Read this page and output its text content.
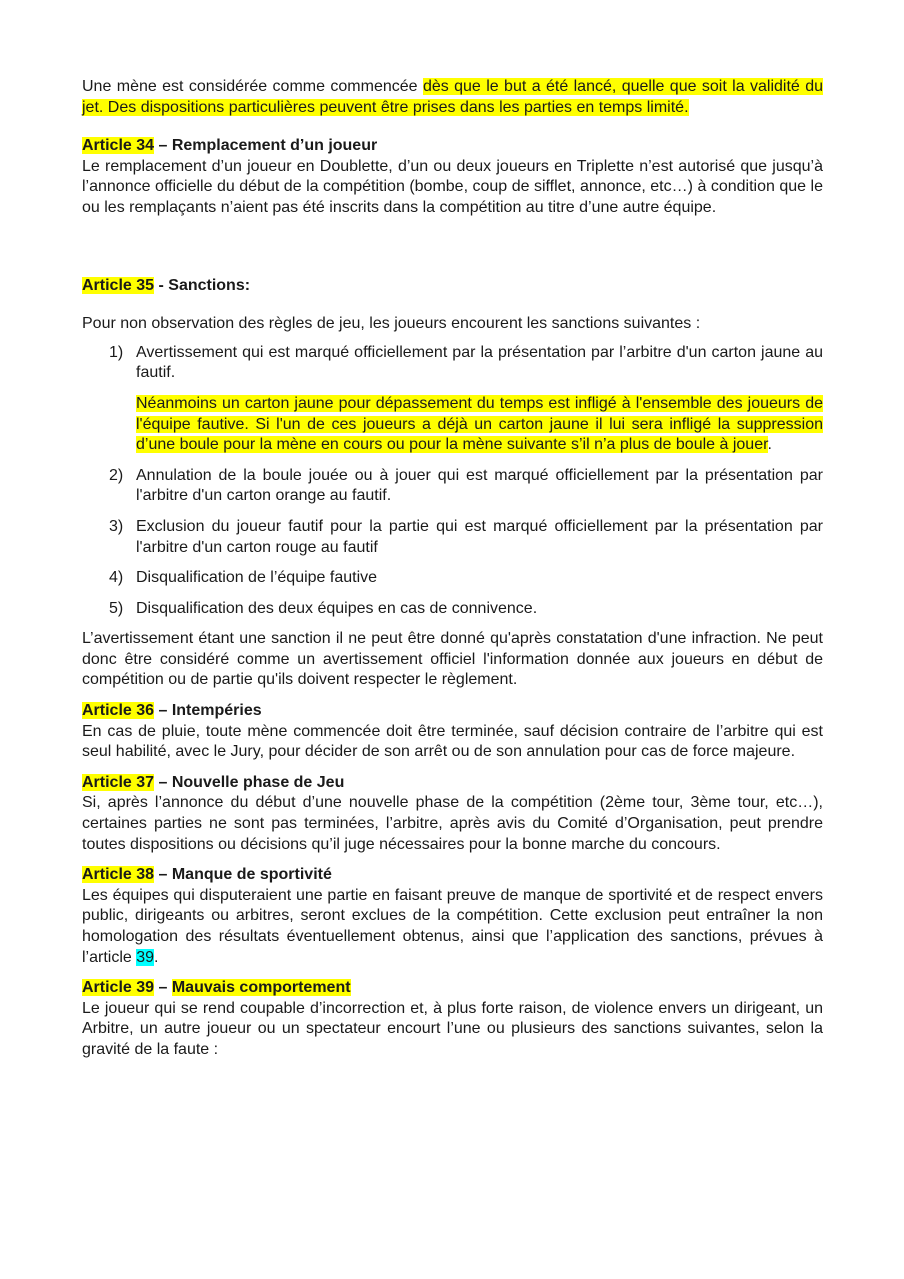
Une mène est considérée comme commencée dès que le but a été lancé, quelle que soit la validité du jet. Des dispositions particulières peuvent être prises dans les parties en temps limité.

Article 34 – Remplacement d’un joueur

Le remplacement d’un joueur en Doublette, d’un ou deux joueurs en Triplette n’est autorisé que jusqu’à l’annonce officielle du début de la compétition (bombe, coup de sifflet, annonce, etc…) à condition que le ou les remplaçants n’aient pas été inscrits dans la compétition au titre d’une autre équipe.

Article 35 - Sanctions:

Pour non observation des règles de jeu, les joueurs encourent les sanctions suivantes :

1) Avertissement qui est marqué officiellement par la présentation par l’arbitre d'un carton jaune au fautif.

Néanmoins un carton jaune pour dépassement du temps est infligé à l'ensemble des joueurs de l'équipe fautive. Si l'un de ces joueurs a déjà un carton jaune il lui sera infligé la suppression d’une boule pour la mène en cours ou pour la mène suivante s’il n’a plus de boule à jouer.

2) Annulation de la boule jouée ou à jouer qui est marqué officiellement par la présentation par l'arbitre d'un carton orange au fautif.

3) Exclusion du joueur fautif pour la partie qui est marqué officiellement par la présentation par l'arbitre d'un carton rouge au fautif

4) Disqualification de l’équipe fautive

5) Disqualification des deux équipes en cas de connivence.

L’avertissement étant une sanction il ne peut être donné qu'après constatation d'une infraction. Ne peut donc être considéré comme un avertissement officiel l'information donnée aux joueurs en début de compétition ou de partie qu'ils doivent respecter le règlement.

Article 36 – Intempéries

En cas de pluie, toute mène commencée doit être terminée, sauf décision contraire de l’arbitre qui est seul habilité, avec le Jury, pour décider de son arrêt ou de son annulation pour cas de force majeure.

Article 37 – Nouvelle phase de Jeu

Si, après l’annonce du début d’une nouvelle phase de la compétition (2ème tour, 3ème tour, etc…), certaines parties ne sont pas terminées, l’arbitre, après avis du Comité d’Organisation, peut prendre toutes dispositions ou décisions qu’il juge nécessaires pour la bonne marche du concours.

Article 38 – Manque de sportivité

Les équipes qui disputeraient une partie en faisant preuve de manque de sportivité et de respect envers public, dirigeants ou arbitres, seront exclues de la compétition. Cette exclusion peut entraîner la non homologation des résultats éventuellement obtenus, ainsi que l’application des sanctions, prévues à l’article 39.

Article 39 – Mauvais comportement

Le joueur qui se rend coupable d’incorrection et, à plus forte raison, de violence envers un dirigeant, un Arbitre, un autre joueur ou un spectateur encourt l’une ou plusieurs des sanctions suivantes, selon la gravité de la faute :
